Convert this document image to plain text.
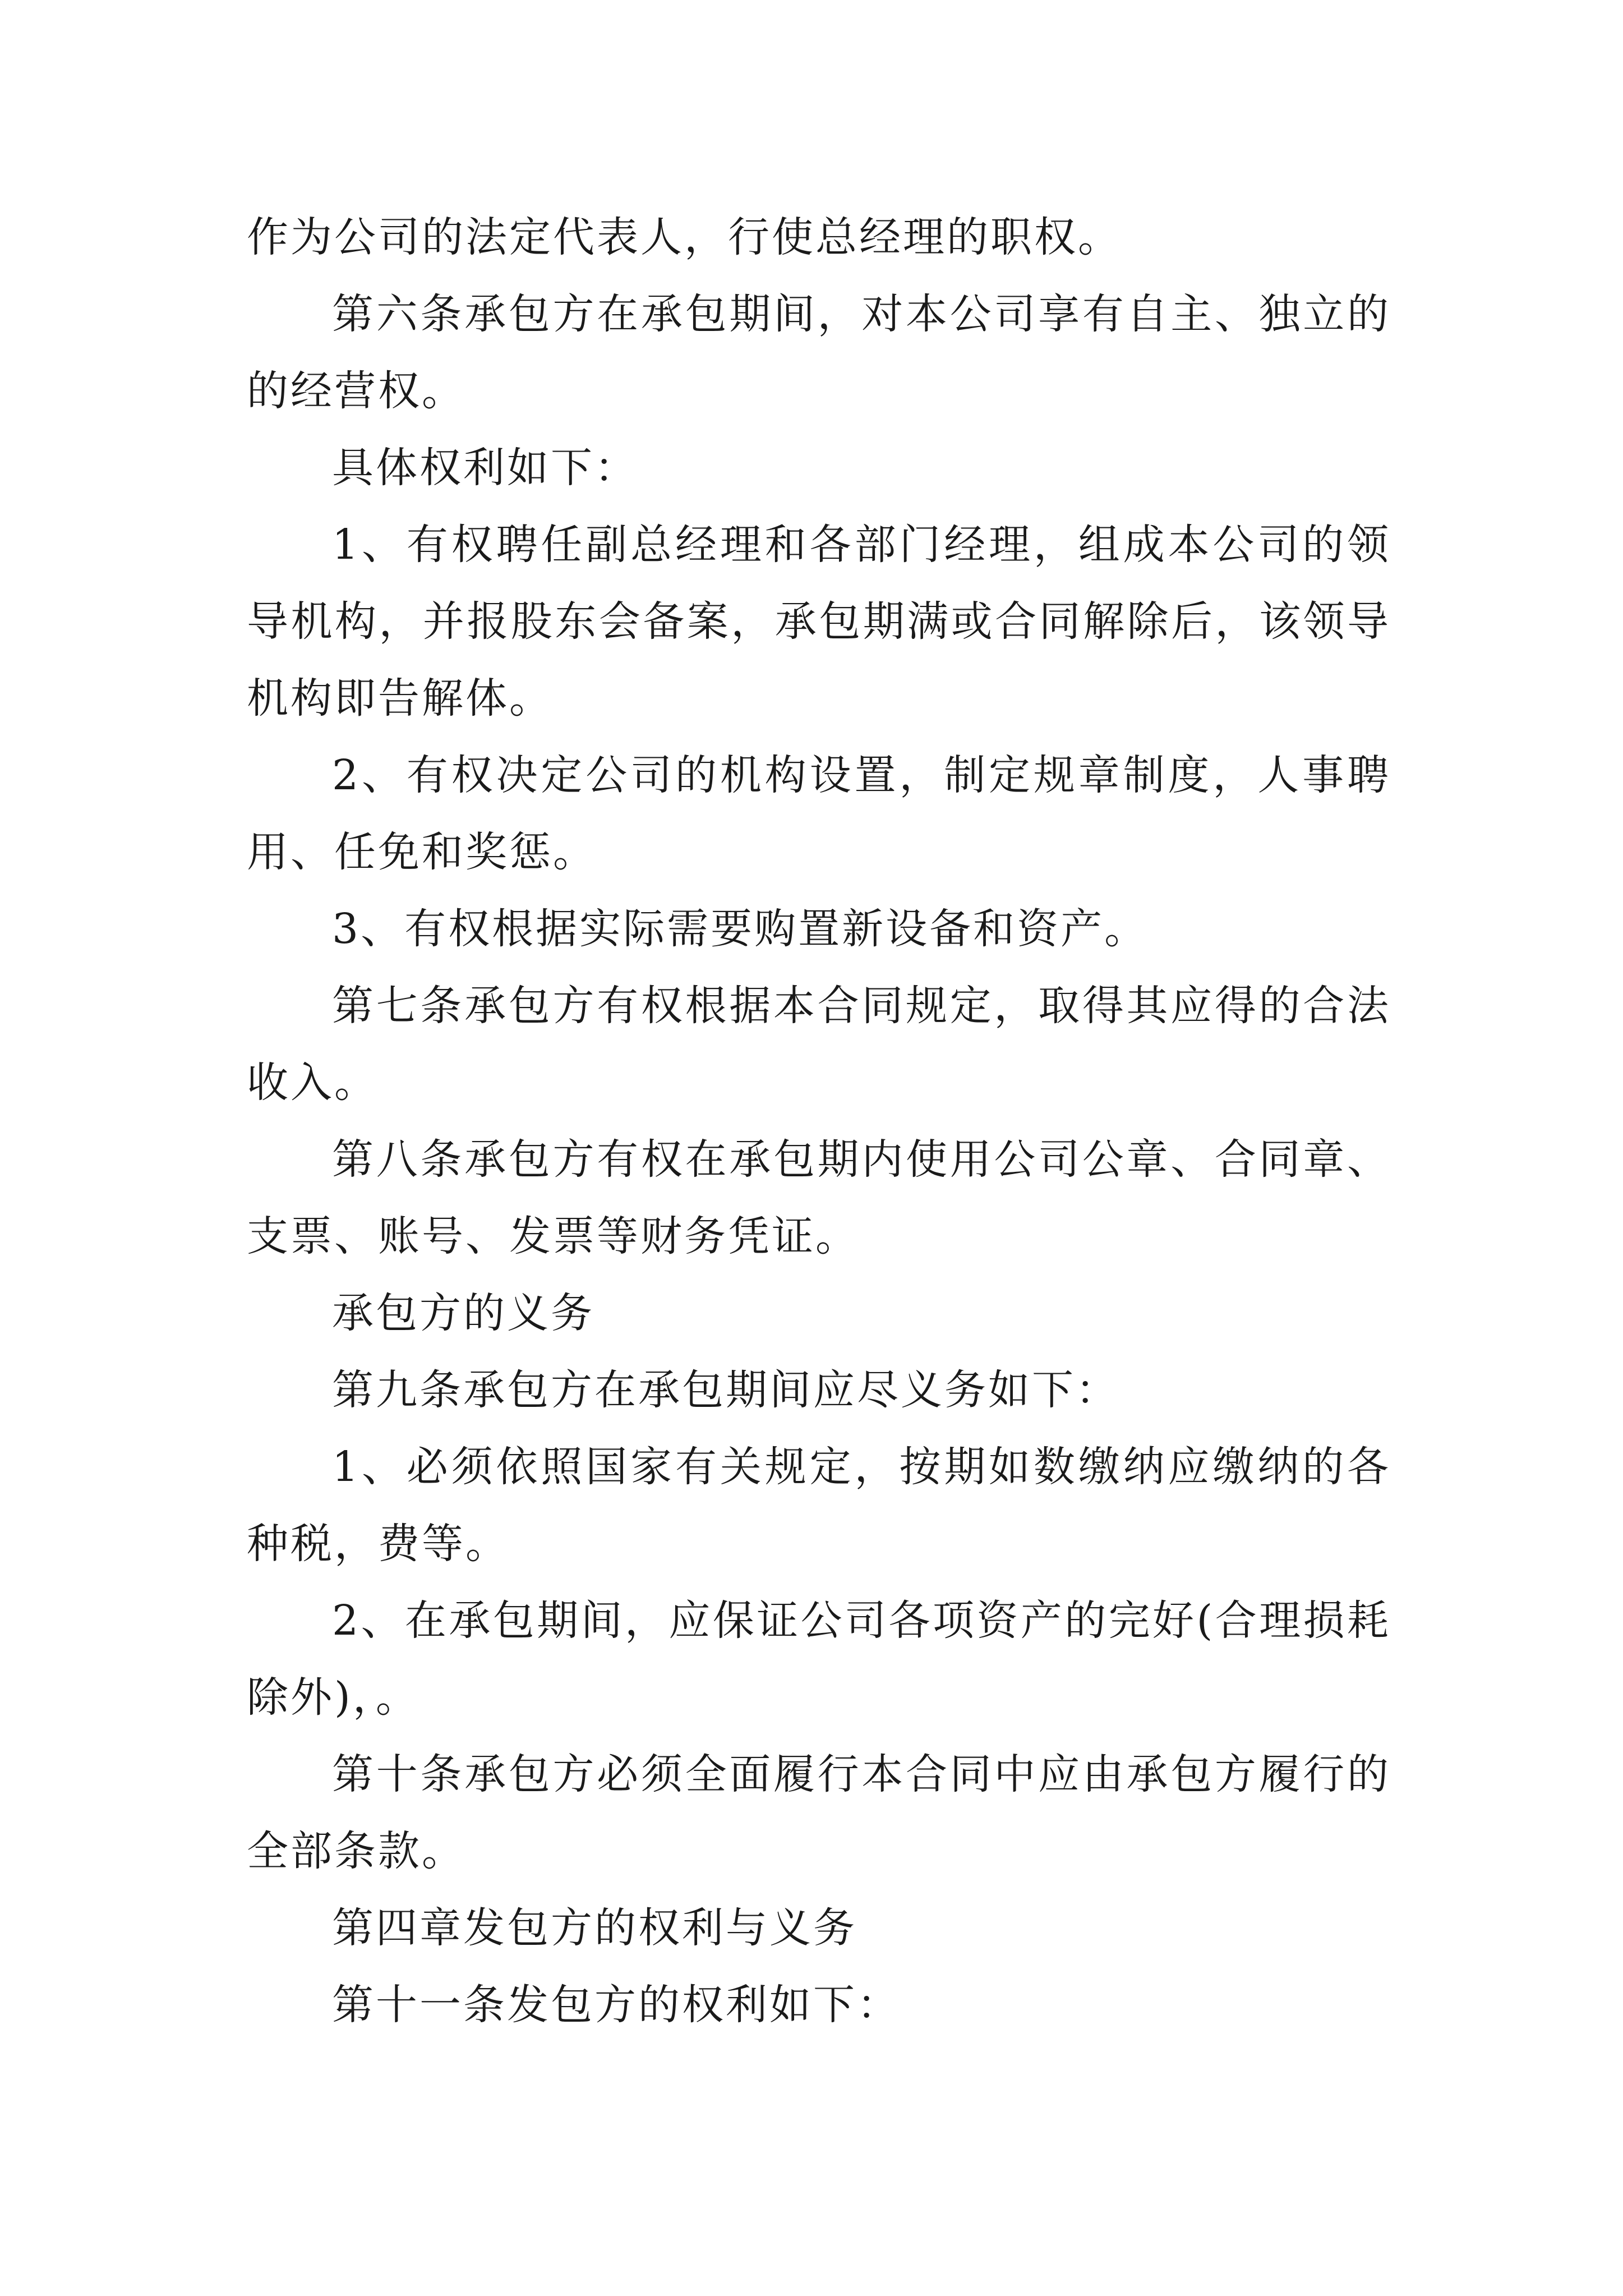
作为公司的法定代表人，行使总经理的职权。

第六条承包方在承包期间，对本公司享有自主、独立的的经营权。

具体权利如下：

1、有权聘任副总经理和各部门经理，组成本公司的领导机构，并报股东会备案，承包期满或合同解除后，该领导机构即告解体。

2、有权决定公司的机构设置，制定规章制度，人事聘用、任免和奖惩。

3、有权根据实际需要购置新设备和资产。

第七条承包方有权根据本合同规定，取得其应得的合法收入。

第八条承包方有权在承包期内使用公司公章、合同章、支票、账号、发票等财务凭证。

承包方的义务

第九条承包方在承包期间应尽义务如下：

1、必须依照国家有关规定，按期如数缴纳应缴纳的各种税，费等。

2、在承包期间，应保证公司各项资产的完好(合理损耗除外)，。

第十条承包方必须全面履行本合同中应由承包方履行的全部条款。

第四章发包方的权利与义务

第十一条发包方的权利如下：
